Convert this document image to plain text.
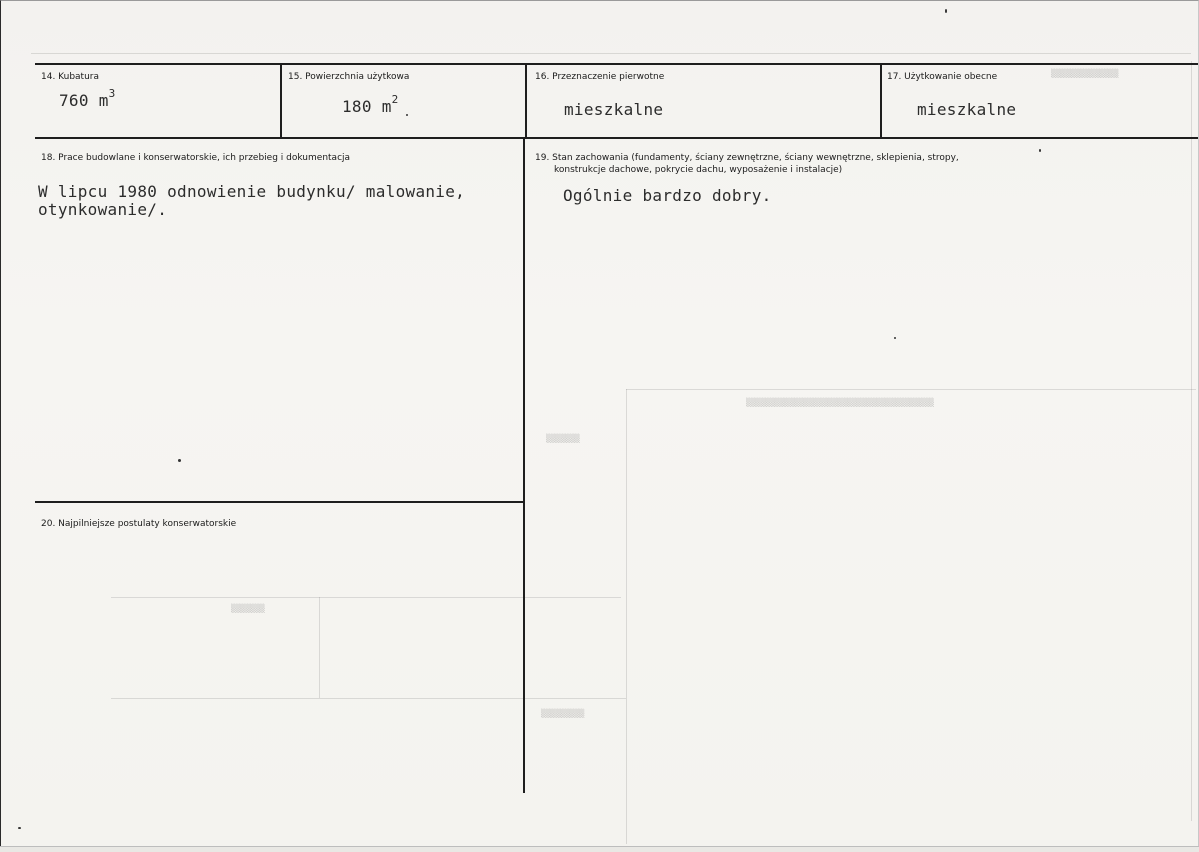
▒▒▒▒▒▒▒▒▒▒▒▒▒▒▒▒▒▒▒▒▒▒▒▒▒▒▒▒▒▒▒▒▒▒▒▒▒▒▒
▒▒▒▒▒▒▒
▒▒▒▒▒▒▒
▒▒▒▒▒▒▒▒▒
▒▒▒▒▒▒▒▒▒▒▒▒▒▒
14. Kubatura
760 $m^3$
15. Powierzchnia użytkowa
180 $m^2$
16. Przeznaczenie pierwotne
mieszkalne
17. Użytkowanie obecne
mieszkalne
18. Prace budowlane i konserwatorskie, ich przebieg i dokumentacja
W lipcu 1980 odnowienie budynku/ malowanie,
otynkowanie/.
19. Stan zachowania (fundamenty, ściany zewnętrzne, ściany wewnętrzne, sklepienia, stropy,
konstrukcje dachowe, pokrycie dachu, wyposażenie i instalacje)
Ogólnie bardzo dobry.
20. Najpilniejsze postulaty konserwatorskie
